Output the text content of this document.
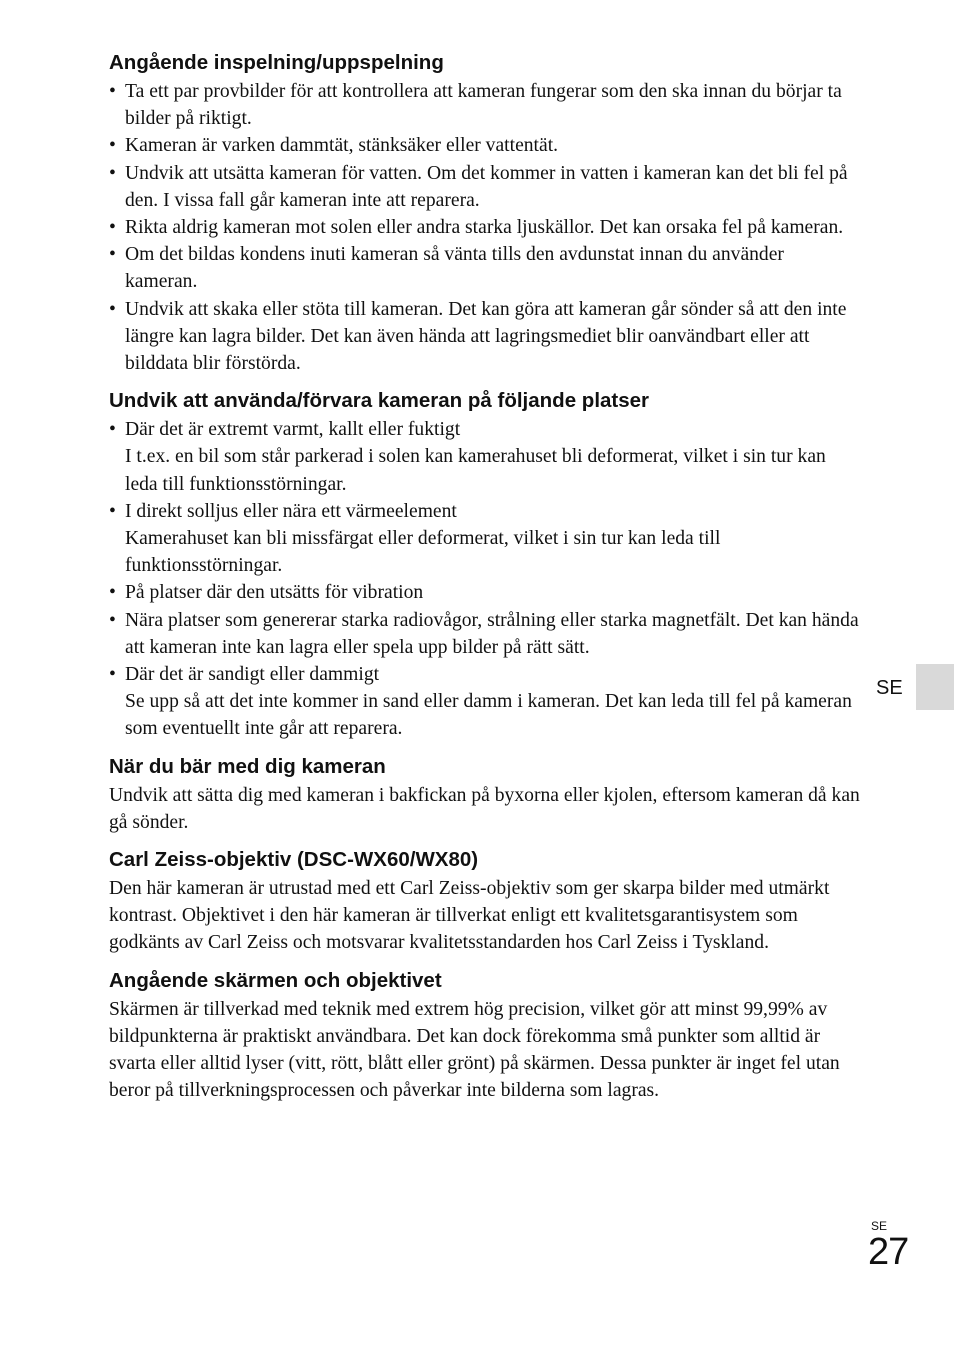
Angående inspelning/uppspelning
• Ta ett par provbilder för att kontrollera att kameran fungerar som den ska innan du börjar ta bilder på riktigt.
• Kameran är varken dammtät, stänksäker eller vattentät.
• Undvik att utsätta kameran för vatten. Om det kommer in vatten i kameran kan det bli fel på den. I vissa fall går kameran inte att reparera.
• Rikta aldrig kameran mot solen eller andra starka ljuskällor. Det kan orsaka fel på kameran.
• Om det bildas kondens inuti kameran så vänta tills den avdunstat innan du använder kameran.
• Undvik att skaka eller stöta till kameran. Det kan göra att kameran går sönder så att den inte längre kan lagra bilder. Det kan även hända att lagringsmediet blir oanvändbart eller att bilddata blir förstörda.
Undvik att använda/förvara kameran på följande platser
• Där det är extremt varmt, kallt eller fuktigt
I t.ex. en bil som står parkerad i solen kan kamerahuset bli deformerat, vilket i sin tur kan leda till funktionsstörningar.
• I direkt solljus eller nära ett värmeelement
Kamerahuset kan bli missfärgat eller deformerat, vilket i sin tur kan leda till funktionsstörningar.
• På platser där den utsätts för vibration
• Nära platser som genererar starka radiovågor, strålning eller starka magnetfält. Det kan hända att kameran inte kan lagra eller spela upp bilder på rätt sätt.
• Där det är sandigt eller dammigt
Se upp så att det inte kommer in sand eller damm i kameran. Det kan leda till fel på kameran som eventuellt inte går att reparera.
När du bär med dig kameran

Undvik att sätta dig med kameran i bakfickan på byxorna eller kjolen, eftersom kameran då kan gå sönder.

Carl Zeiss-objektiv (DSC-WX60/WX80)

Den här kameran är utrustad med ett Carl Zeiss-objektiv som ger skarpa bilder med utmärkt kontrast. Objektivet i den här kameran är tillverkat enligt ett kvalitetsgarantisystem som godkänts av Carl Zeiss och motsvarar kvalitetsstandarden hos Carl Zeiss i Tyskland.

Angående skärmen och objektivet

Skärmen är tillverkad med teknik med extrem hög precision, vilket gör att minst 99,99% av bildpunkterna är praktiskt användbara. Det kan dock förekomma små punkter som alltid är svarta eller alltid lyser (vitt, rött, blått eller grönt) på skärmen. Dessa punkter är inget fel utan beror på tillverkningsprocessen och påverkar inte bilderna som lagras.

SE
SE
27
